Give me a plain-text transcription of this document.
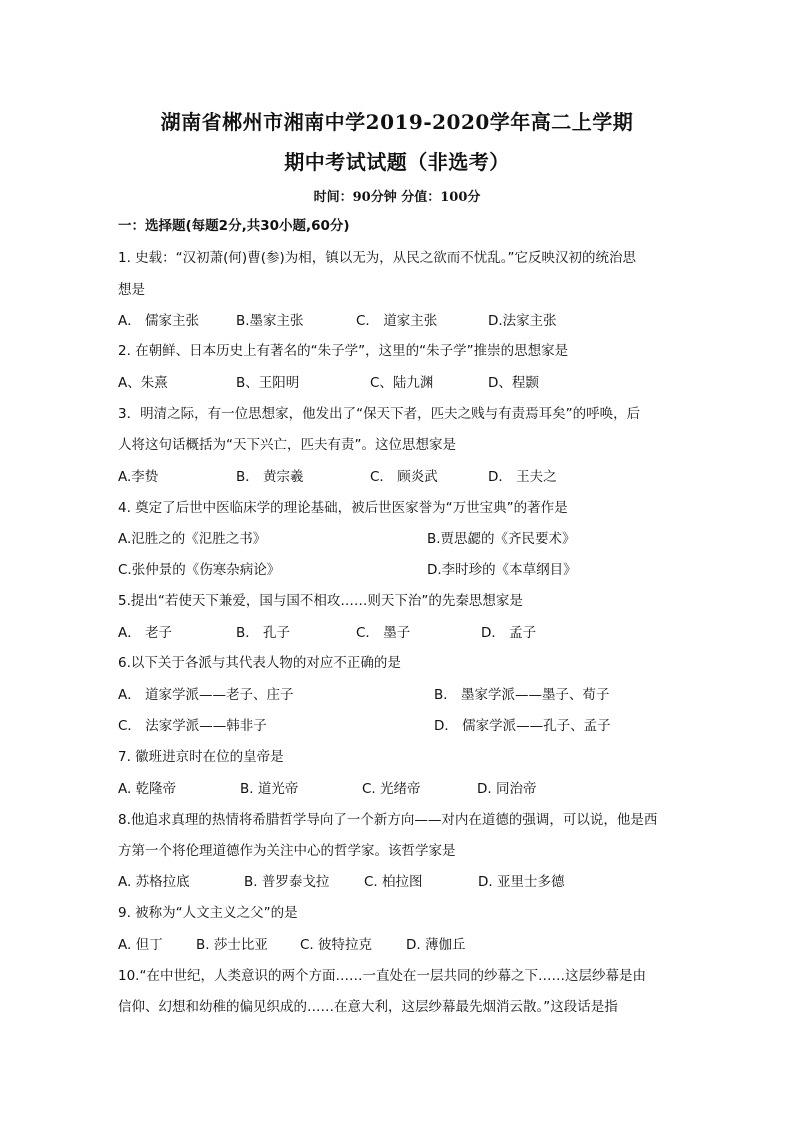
湖南省郴州市湘南中学2019-2020学年高二上学期
期中考试试题（非选考）
时间：90分钟 分值：100分
一：选择题(每题2分,共30小题,60分)
1. 史载：“汉初萧(何)曹(参)为相，镇以无为，从民之欲而不忧乱。”它反映汉初的统治思
想是
A． 儒家主张	B.墨家主张	C． 道家主张	D.法家主张
2. 在朝鲜、日本历史上有著名的“朱子学”，这里的“朱子学”推崇的思想家是
A、朱熹	B、王阳明	C、陆九渊	D、程颢
3．明清之际，有一位思想家，他发出了“保天下者，匹夫之贱与有责焉耳矣”的呼唤，后
人将这句话概括为“天下兴亡，匹夫有责”。这位思想家是
A.李贽	B． 黄宗羲	C． 顾炎武	D． 王夫之
4. 奠定了后世中医临床学的理论基础，被后世医家誉为“万世宝典”的著作是
A.氾胜之的《氾胜之书》	B.贾思勰的《齐民要术》
C.张仲景的《伤寒杂病论》	D.李时珍的《本草纲目》
5.提出“若使天下兼爱，国与国不相攻……则天下治”的先秦思想家是
A． 老子	B． 孔子	C． 墨子	D． 孟子
6.以下关于各派与其代表人物的对应不正确的是
A． 道家学派——老子、庄子	B． 墨家学派——墨子、荀子
C． 法家学派——韩非子	D． 儒家学派——孔子、孟子
7. 徽班进京时在位的皇帝是
A. 乾隆帝	B. 道光帝	C. 光绪帝	D. 同治帝
8.他追求真理的热情将希腊哲学导向了一个新方向——对内在道德的强调，可以说，他是西
方第一个将伦理道德作为关注中心的哲学家。该哲学家是
A. 苏格拉底	B. 普罗泰戈拉	C. 柏拉图	D. 亚里士多德
9. 被称为“人文主义之父”的是
A. 但丁 B. 莎士比亚 C. 彼特拉克	D. 薄伽丘
10.“在中世纪，人类意识的两个方面……一直处在一层共同的纱幕之下……这层纱幕是由
信仰、幻想和幼稚的偏见织成的……在意大利，这层纱幕最先烟消云散。”这段话是指
